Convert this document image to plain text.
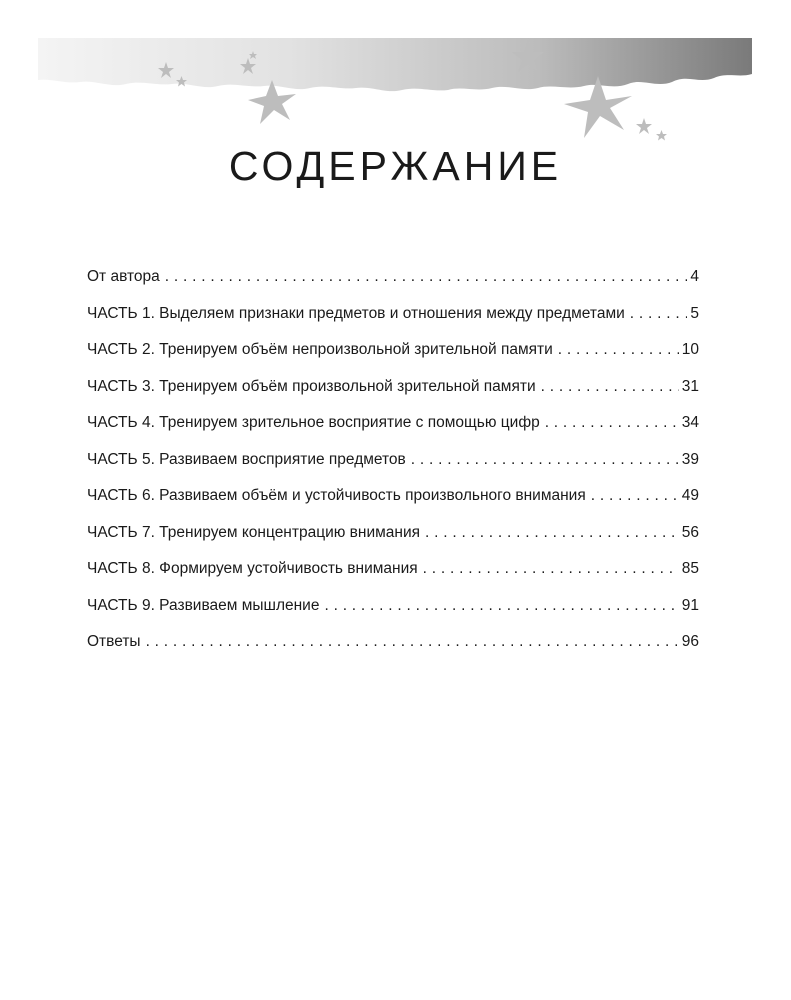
СОДЕРЖАНИЕ
От автора . . .	4
ЧАСТЬ 1. Выделяем признаки предметов и отношения между предметами . . .	5
ЧАСТЬ 2. Тренируем объём непроизвольной зрительной памяти . . .	10
ЧАСТЬ 3. Тренируем объём произвольной зрительной памяти . . .	31
ЧАСТЬ 4. Тренируем зрительное восприятие с помощью цифр . . .	34
ЧАСТЬ 5. Развиваем восприятие предметов . . .	39
ЧАСТЬ 6. Развиваем объём и устойчивость произвольного внимания . . .	49
ЧАСТЬ 7. Тренируем концентрацию внимания . . .	56
ЧАСТЬ 8. Формируем устойчивость внимания . . .	85
ЧАСТЬ 9. Развиваем мышление . . .	91
Ответы . . .	96
